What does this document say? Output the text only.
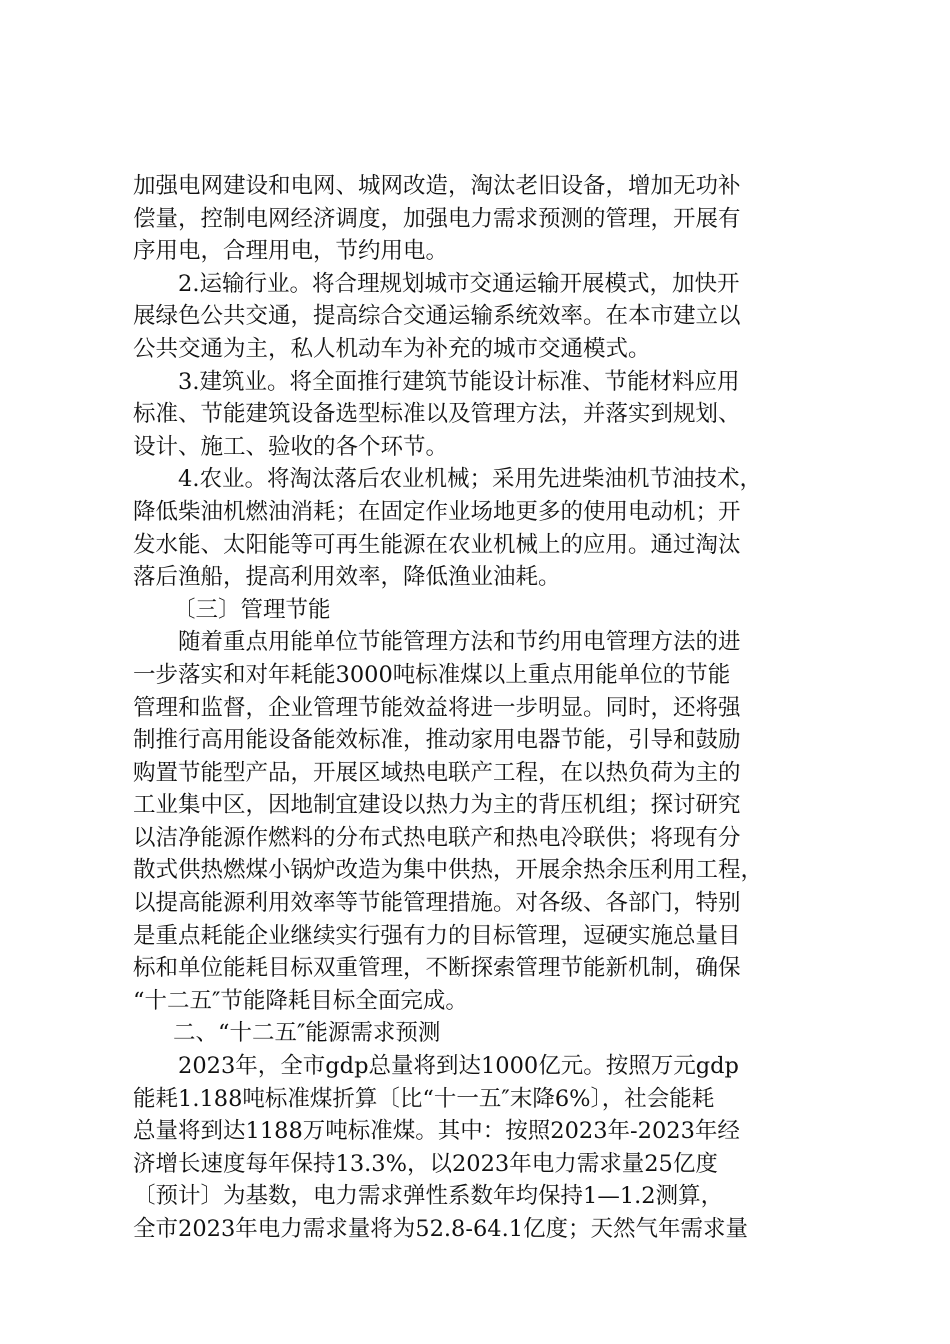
加强电网建设和电网、城网改造，淘汰老旧设备，增加无功补
偿量，控制电网经济调度，加强电力需求预测的管理，开展有
序用电，合理用电，节约用电。
2.运输行业。将合理规划城市交通运输开展模式，加快开
展绿色公共交通，提高综合交通运输系统效率。在本市建立以
公共交通为主，私人机动车为补充的城市交通模式。
3.建筑业。将全面推行建筑节能设计标准、节能材料应用
标准、节能建筑设备选型标准以及管理方法，并落实到规划、
设计、施工、验收的各个环节。
4.农业。将淘汰落后农业机械；采用先进柴油机节油技术，
降低柴油机燃油消耗；在固定作业场地更多的使用电动机；开
发水能、太阳能等可再生能源在农业机械上的应用。通过淘汰
落后渔船，提高利用效率，降低渔业油耗。
〔三〕管理节能
随着重点用能单位节能管理方法和节约用电管理方法的进
一步落实和对年耗能3000吨标准煤以上重点用能单位的节能
管理和监督，企业管理节能效益将进一步明显。同时，还将强
制推行高用能设备能效标准，推动家用电器节能，引导和鼓励
购置节能型产品，开展区域热电联产工程，在以热负荷为主的
工业集中区，因地制宜建设以热力为主的背压机组；探讨研究
以洁净能源作燃料的分布式热电联产和热电冷联供；将现有分
散式供热燃煤小锅炉改造为集中供热，开展余热余压利用工程，
以提高能源利用效率等节能管理措施。对各级、各部门，特别
是重点耗能企业继续实行强有力的目标管理，逗硬实施总量目
标和单位能耗目标双重管理，不断探索管理节能新机制，确保
“十二五″节能降耗目标全面完成。
二、“十二五″能源需求预测
2023年，全市gdp总量将到达1000亿元。按照万元gdp
能耗1.188吨标准煤折算〔比“十一五″末降6%〕，社会能耗
总量将到达1188万吨标准煤。其中：按照2023年-2023年经
济增长速度每年保持13.3%，以2023年电力需求量25亿度
〔预计〕为基数，电力需求弹性系数年均保持1—1.2测算，
全市2023年电力需求量将为52.8-64.1亿度；天然气年需求量
